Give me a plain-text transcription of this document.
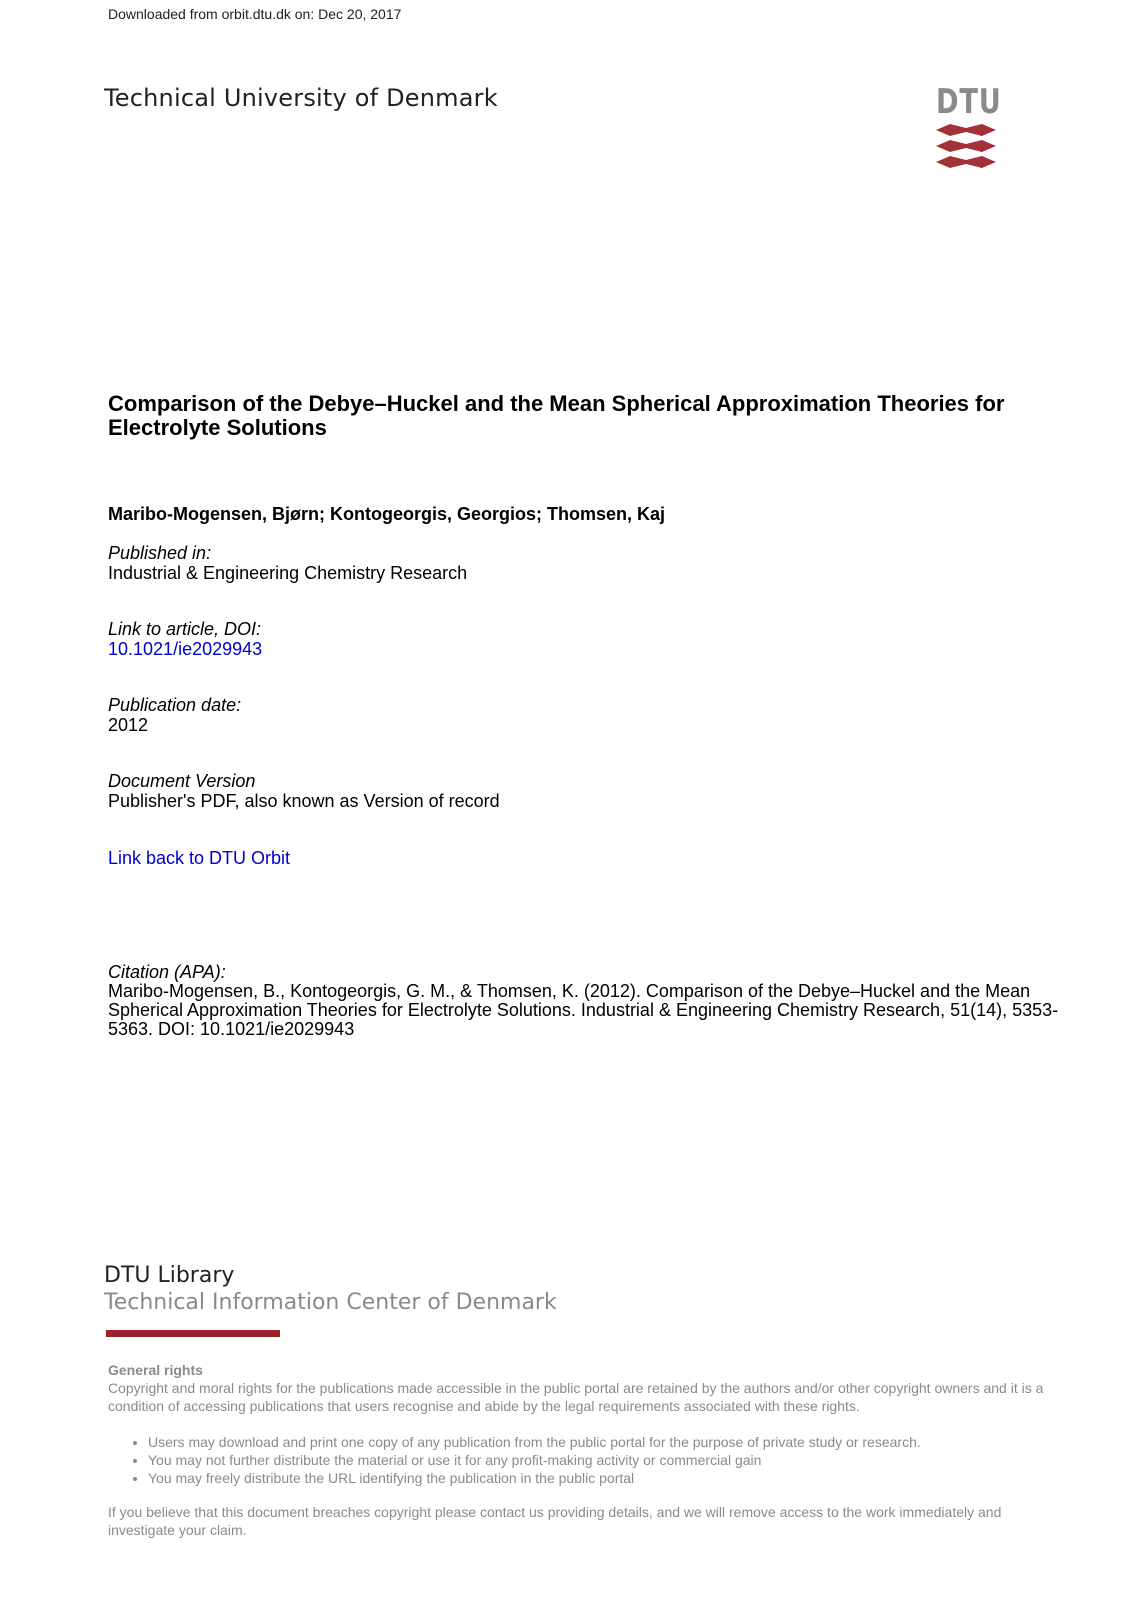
Downloaded from orbit.dtu.dk on: Dec 20, 2017
Technical University of Denmark	DTU
Comparison of the Debye–Huckel and the Mean Spherical Approximation Theories for Electrolyte Solutions
Maribo-Mogensen, Bjørn; Kontogeorgis, Georgios; Thomsen, Kaj
Published in:
Industrial & Engineering Chemistry Research
Link to article, DOI:
10.1021/ie2029943
Publication date:
2012
Document Version
Publisher's PDF, also known as Version of record
Link back to DTU Orbit
Citation (APA):
Maribo-Mogensen, B., Kontogeorgis, G. M., & Thomsen, K. (2012). Comparison of the Debye–Huckel and the Mean Spherical Approximation Theories for Electrolyte Solutions. Industrial & Engineering Chemistry Research, 51(14), 5353-5363. DOI: 10.1021/ie2029943
DTU Library
Technical Information Center of Denmark
General rights
Copyright and moral rights for the publications made accessible in the public portal are retained by the authors and/or other copyright owners and it is a condition of accessing publications that users recognise and abide by the legal requirements associated with these rights.
• Users may download and print one copy of any publication from the public portal for the purpose of private study or research.
• You may not further distribute the material or use it for any profit-making activity or commercial gain
• You may freely distribute the URL identifying the publication in the public portal
If you believe that this document breaches copyright please contact us providing details, and we will remove access to the work immediately and investigate your claim.
